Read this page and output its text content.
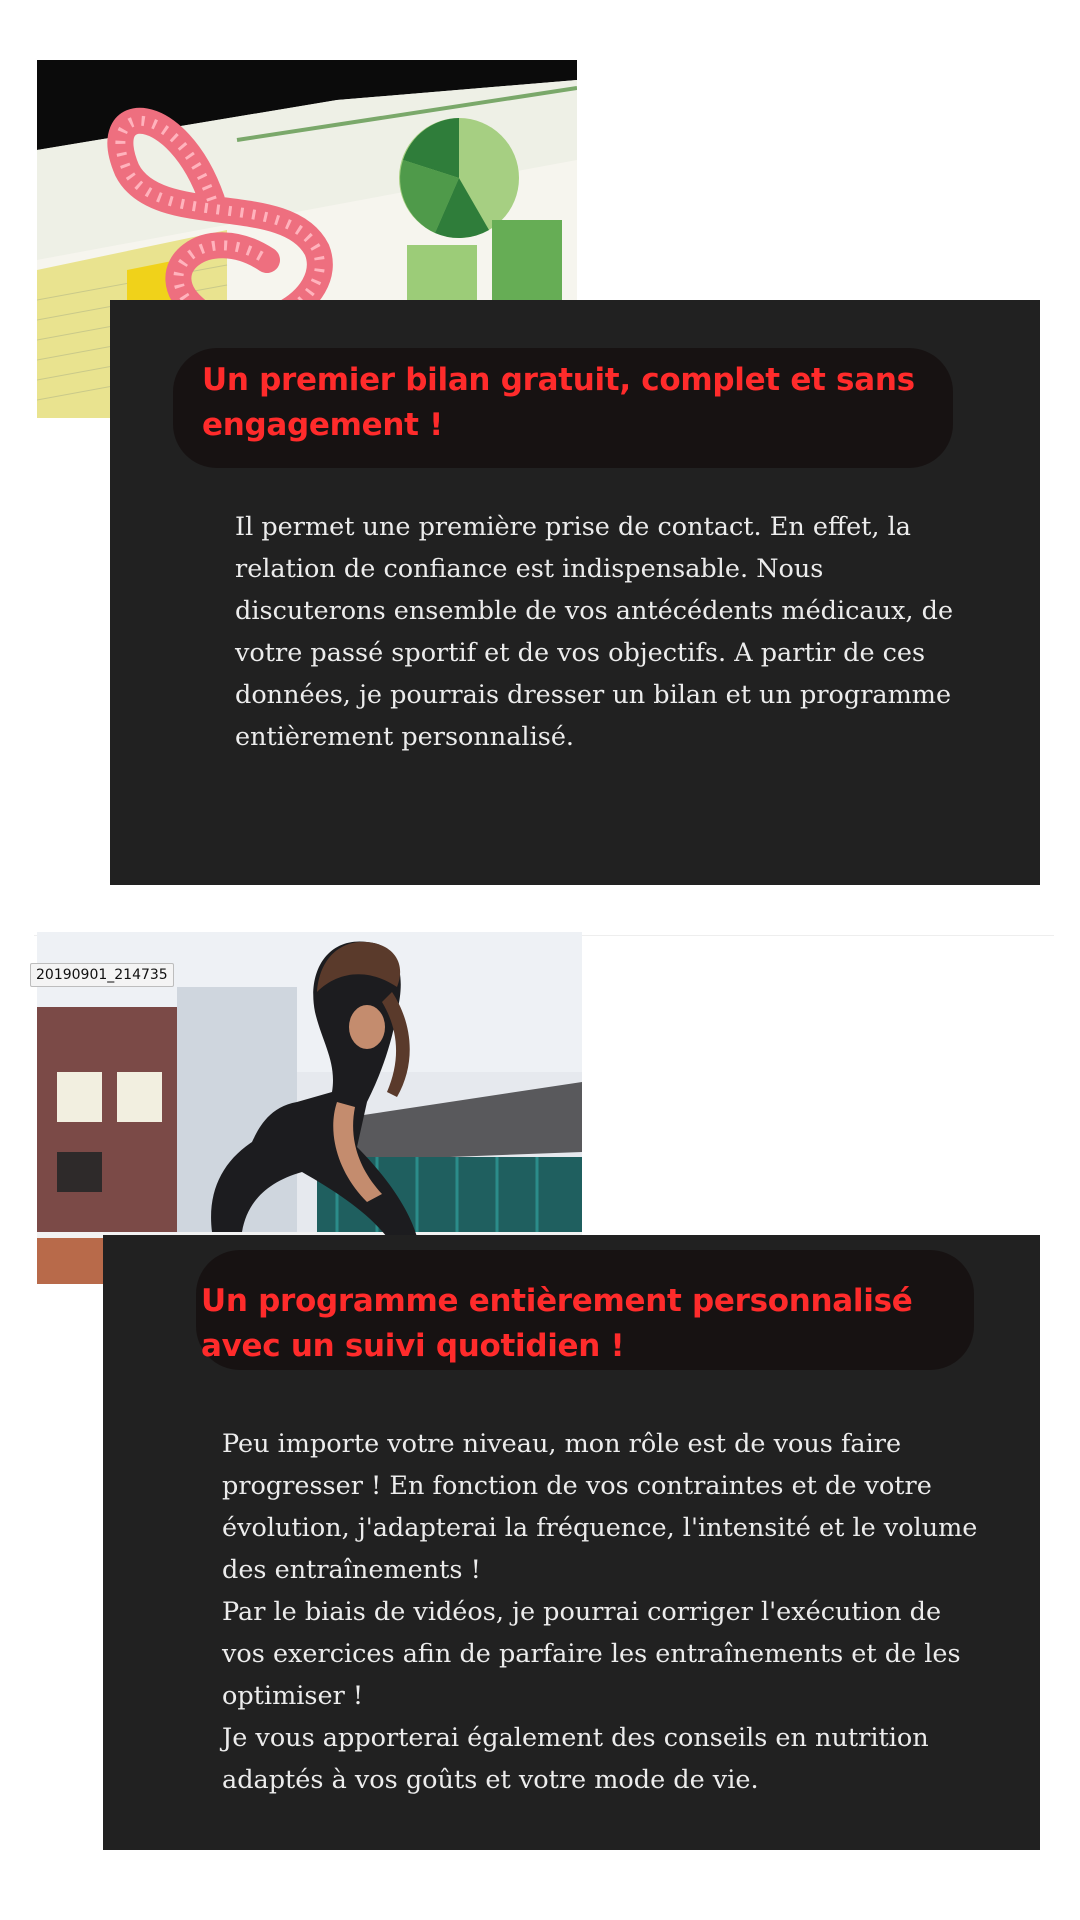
Un premier bilan gratuit, complet et sans engagement !

Il permet une première prise de contact. En effet, la relation de confiance est indispensable. Nous discuterons ensemble de vos antécédents médicaux, de votre passé sportif et de vos objectifs. A partir de ces données, je pourrais dresser un bilan et un programme entièrement personnalisé.

20190901_214735
Un programme entièrement personnalisé avec un suivi quotidien !

Peu importe votre niveau, mon rôle est de vous faire progresser ! En fonction de vos contraintes et de votre évolution, j'adapterai la fréquence, l'intensité et le volume des entraînements !
Par le biais de vidéos, je pourrai corriger l'exécution de vos exercices afin de parfaire les entraînements et de les optimiser !
Je vous apporterai également des conseils en nutrition adaptés à vos goûts et votre mode de vie.
